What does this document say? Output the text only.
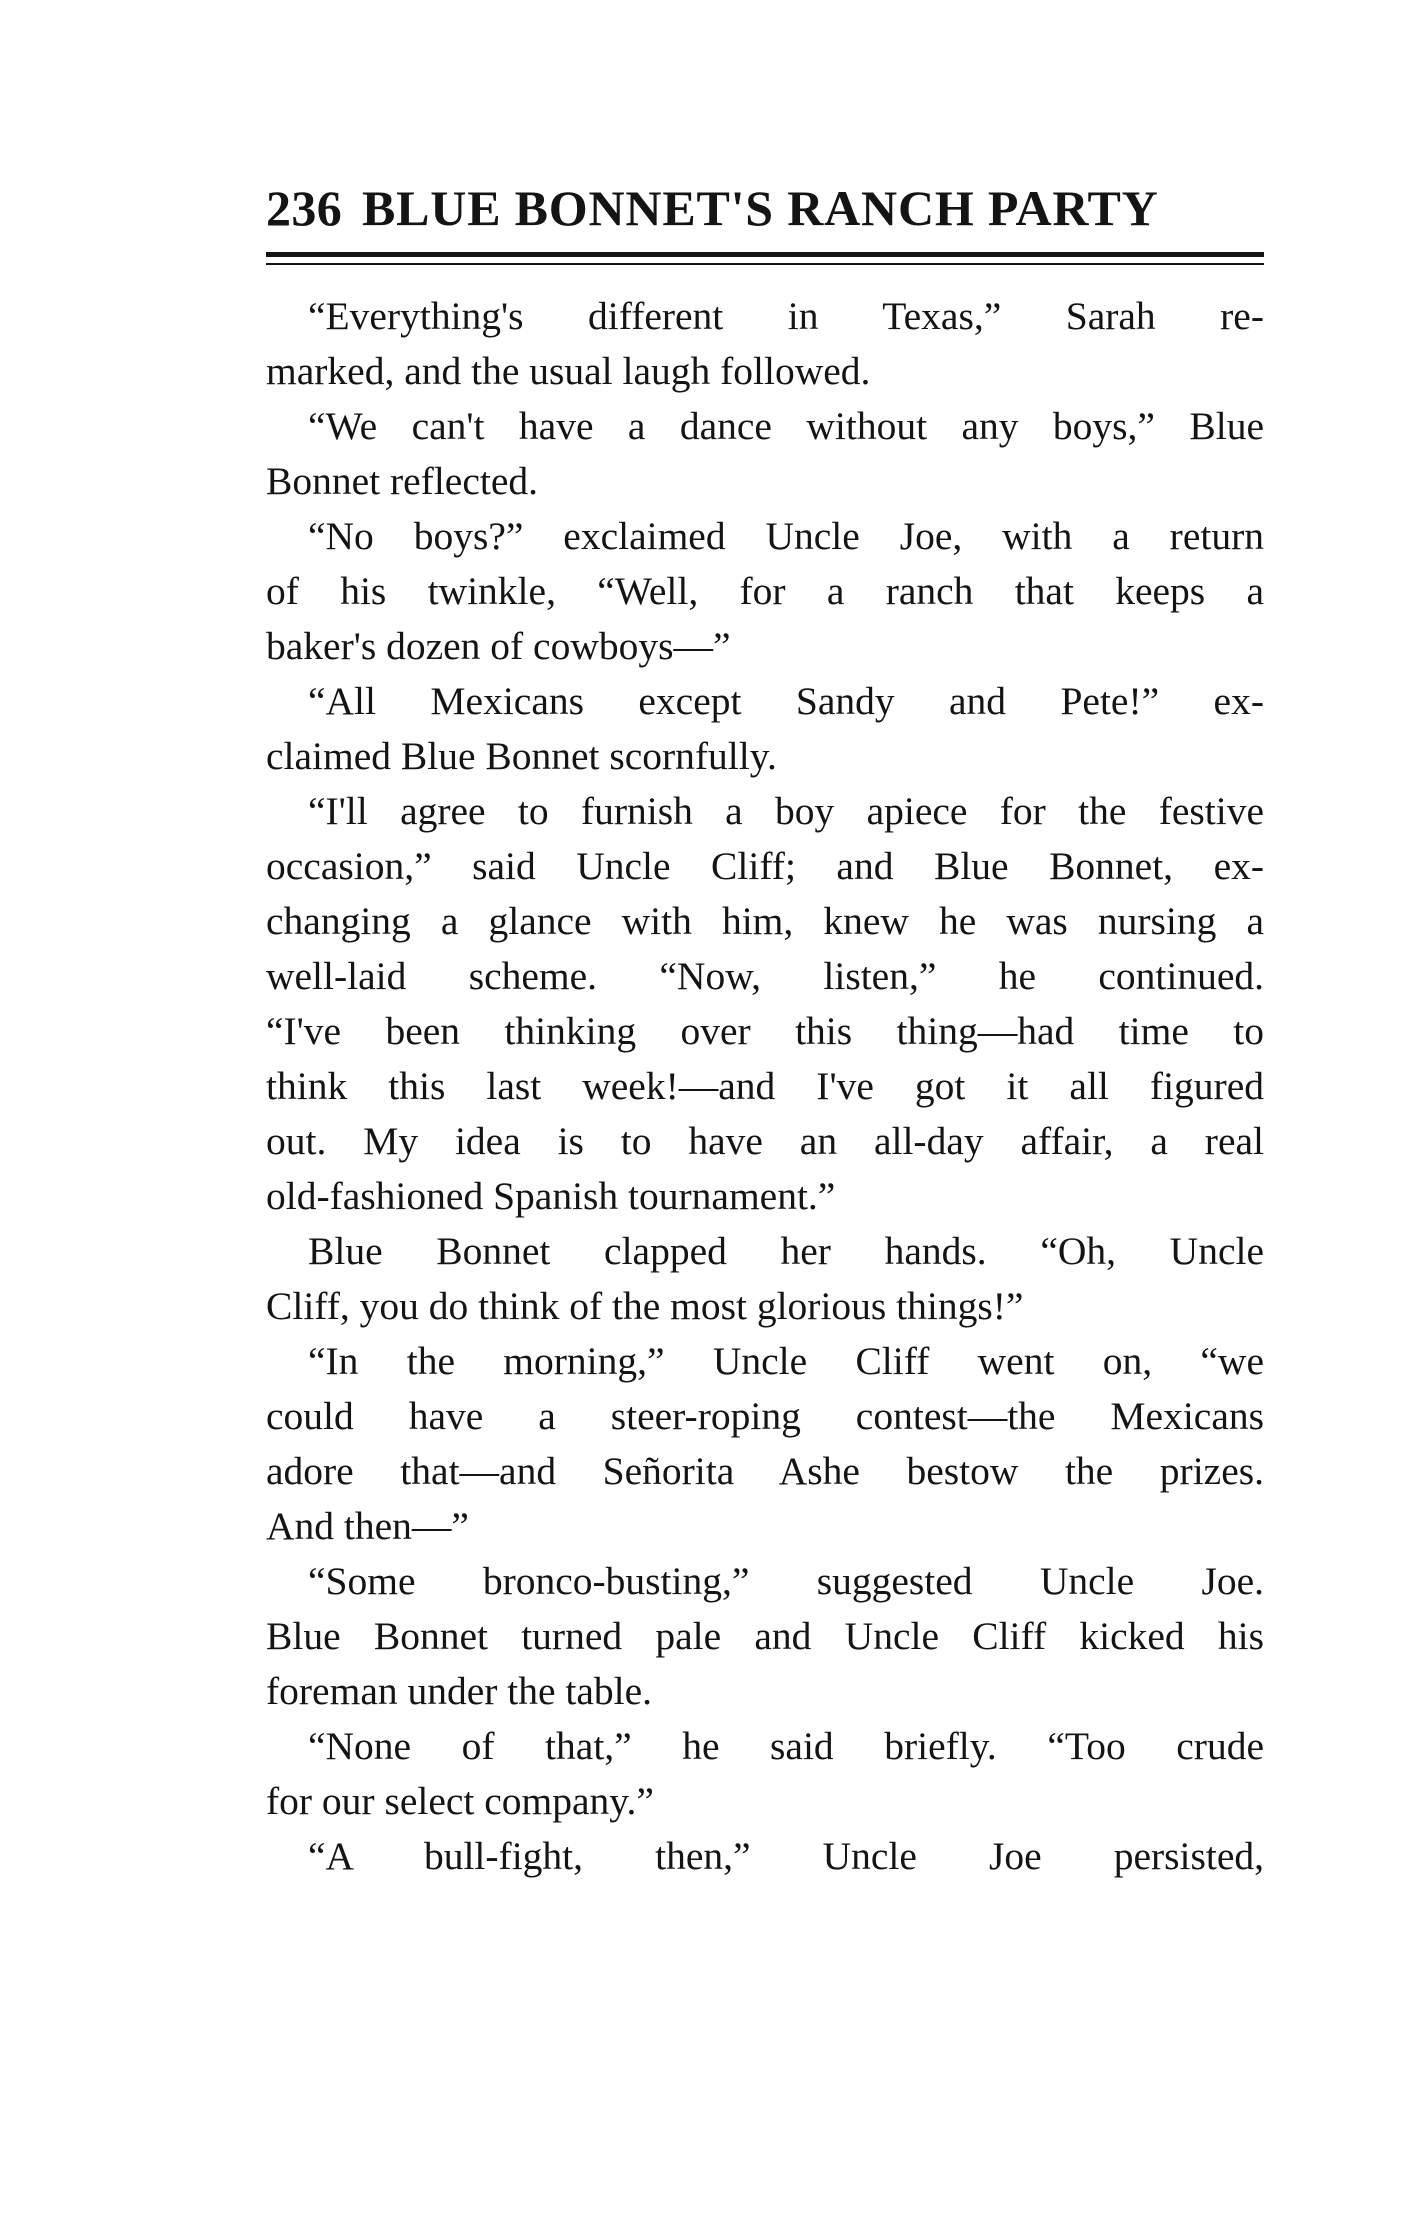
236 BLUE BONNET'S RANCH PARTY
“Everything's different in Texas,” Sarah re-
marked, and the usual laugh followed.
“We can't have a dance without any boys,” Blue
Bonnet reflected.
“No boys?” exclaimed Uncle Joe, with a return
of his twinkle, “Well, for a ranch that keeps a
baker's dozen of cowboys—”
“All Mexicans except Sandy and Pete!” ex-
claimed Blue Bonnet scornfully.
“I'll agree to furnish a boy apiece for the festive
occasion,” said Uncle Cliff; and Blue Bonnet, ex-
changing a glance with him, knew he was nursing a
well-laid scheme. “Now, listen,” he continued.
“I've been thinking over this thing—had time to
think this last week!—and I've got it all figured
out. My idea is to have an all-day affair, a real
old-fashioned Spanish tournament.”
Blue Bonnet clapped her hands. “Oh, Uncle
Cliff, you do think of the most glorious things!”
“In the morning,” Uncle Cliff went on, “we
could have a steer-roping contest—the Mexicans
adore that—and Señorita Ashe bestow the prizes.
And then—”
“Some bronco-busting,” suggested Uncle Joe.
Blue Bonnet turned pale and Uncle Cliff kicked his
foreman under the table.
“None of that,” he said briefly. “Too crude
for our select company.”
“A bull-fight, then,” Uncle Joe persisted,
